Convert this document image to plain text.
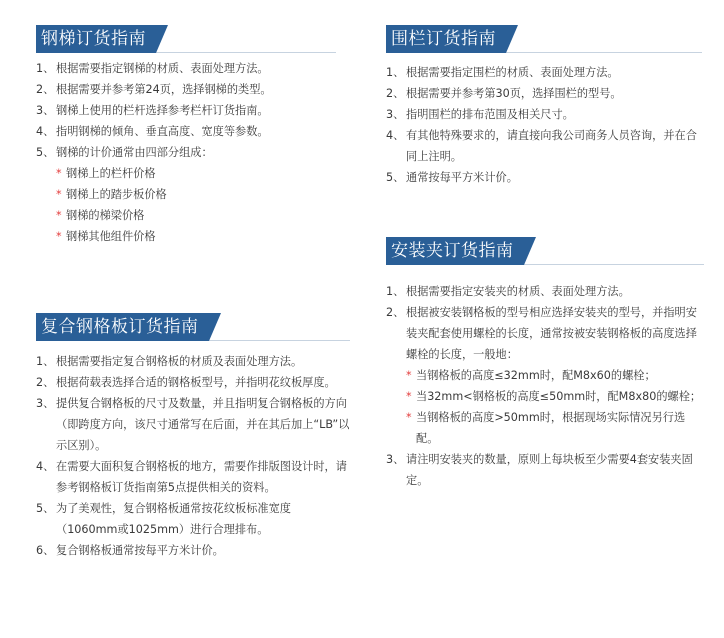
钢梯订货指南
1、 根据需要指定钢梯的材质、表面处理方法。
2、 根据需要并参考第24页，选择钢梯的类型。
3、 钢梯上使用的栏杆选择参考栏杆订货指南。
4、 指明钢梯的倾角、垂直高度、宽度等参数。
5、 钢梯的计价通常由四部分组成：
* 钢梯上的栏杆价格
* 钢梯上的踏步板价格
* 钢梯的梯梁价格
* 钢梯其他组件价格
围栏订货指南
1、 根据需要指定围栏的材质、表面处理方法。
2、 根据需要并参考第30页，选择围栏的型号。
3、 指明围栏的排布范围及相关尺寸。
4、 有其他特殊要求的，请直接向我公司商务人员咨询，并在合同上注明。
5、 通常按每平方米计价。
安装夹订货指南
1、 根据需要指定安装夹的材质、表面处理方法。
2、 根据被安装钢格板的型号相应选择安装夹的型号，并指明安装夹配套使用螺栓的长度，通常按被安装钢格板的高度选择螺栓的长度，一般地：
* 当钢格板的高度≤32mm时，配M8x60的螺栓；
* 当32mm<钢格板的高度≤50mm时，配M8x80的螺栓；
* 当钢格板的高度>50mm时，根据现场实际情况另行选配。
3、 请注明安装夹的数量，原则上每块板至少需要4套安装夹固定。
复合钢格板订货指南
1、 根据需要指定复合钢格板的材质及表面处理方法。
2、 根据荷载表选择合适的钢格板型号，并指明花纹板厚度。
3、 提供复合钢格板的尺寸及数量，并且指明复合钢格板的方向（即跨度方向，该尺寸通常写在后面，并在其后加上“LB”以示区别）。
4、 在需要大面积复合钢格板的地方，需要作排版图设计时，请参考钢格板订货指南第5点提供相关的资料。
5、 为了美观性，复合钢格板通常按花纹板标准宽度（1060mm或1025mm）进行合理排布。
6、 复合钢格板通常按每平方米计价。
